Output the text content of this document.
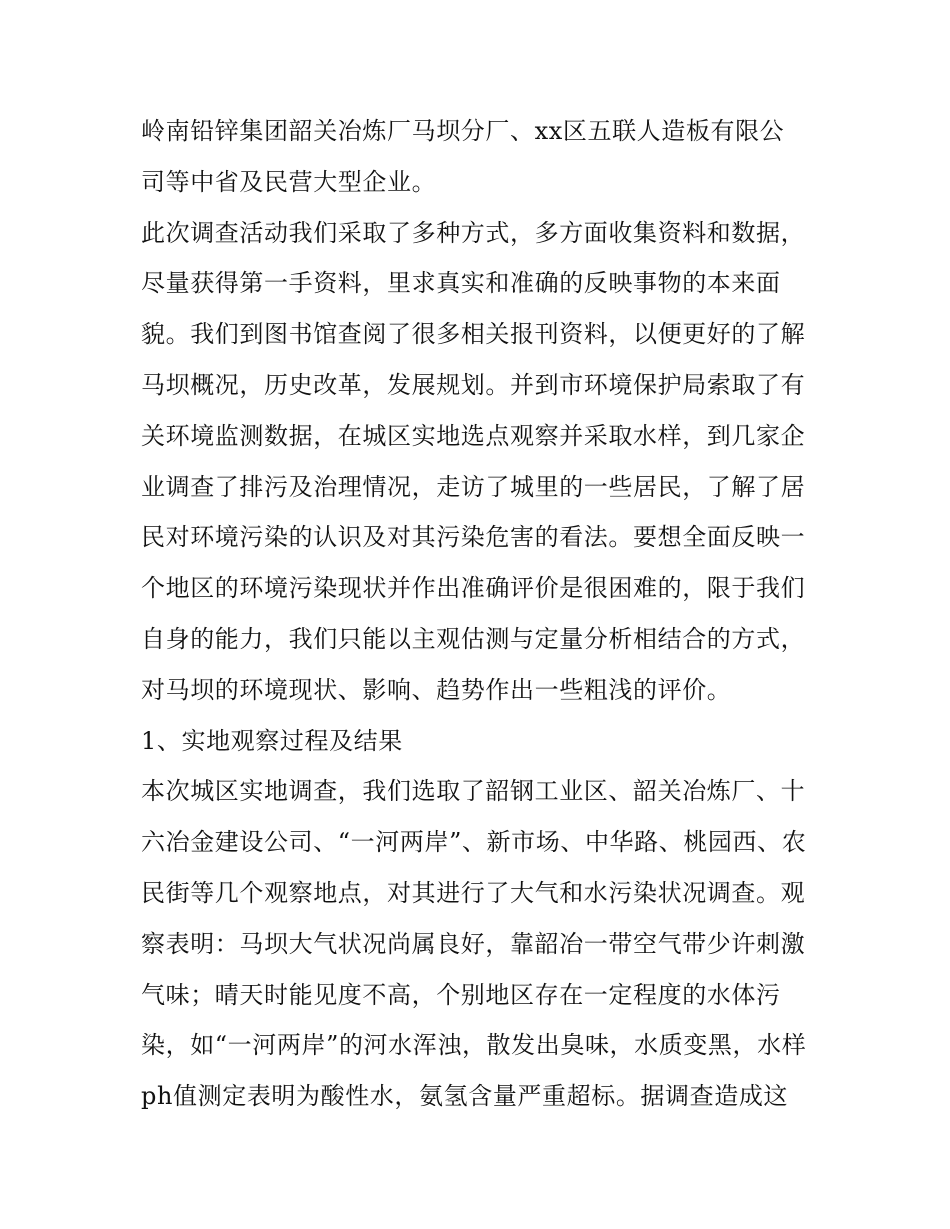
岭南铅锌集团韶关冶炼厂马坝分厂、xx区五联人造板有限公
司等中省及民营大型企业。
此次调查活动我们采取了多种方式，多方面收集资料和数据，
尽量获得第一手资料，里求真实和准确的反映事物的本来面
貌。我们到图书馆查阅了很多相关报刊资料，以便更好的了解
马坝概况，历史改革，发展规划。并到市环境保护局索取了有
关环境监测数据，在城区实地选点观察并采取水样，到几家企
业调查了排污及治理情况，走访了城里的一些居民，了解了居
民对环境污染的认识及对其污染危害的看法。要想全面反映一
个地区的环境污染现状并作出准确评价是很困难的，限于我们
自身的能力，我们只能以主观估测与定量分析相结合的方式，
对马坝的环境现状、影响、趋势作出一些粗浅的评价。
1、实地观察过程及结果
本次城区实地调查，我们选取了韶钢工业区、韶关冶炼厂、十
六冶金建设公司、“一河两岸”、新市场、中华路、桃园西、农
民街等几个观察地点，对其进行了大气和水污染状况调查。观
察表明：马坝大气状况尚属良好，靠韶冶一带空气带少许刺激
气味；晴天时能见度不高，个别地区存在一定程度的水体污
染，如“一河两岸”的河水浑浊，散发出臭味，水质变黑，水样
ph值测定表明为酸性水，氨氢含量严重超标。据调查造成这
